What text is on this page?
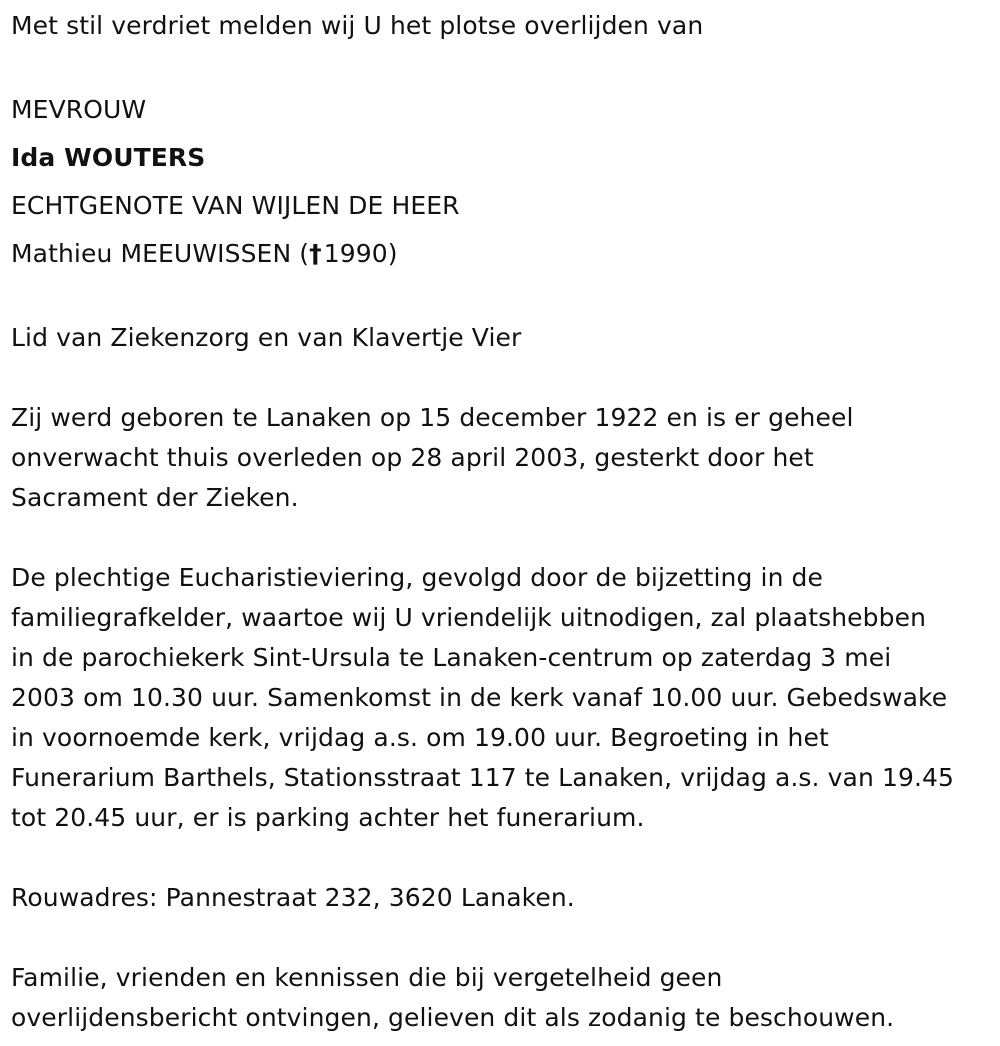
Met stil verdriet melden wij U het plotse overlijden van

MEVROUW

Ida WOUTERS

ECHTGENOTE VAN WIJLEN DE HEER

Mathieu MEEUWISSEN (†1990)

Lid van Ziekenzorg en van Klavertje Vier

Zij werd geboren te Lanaken op 15 december 1922 en is er geheel

onverwacht thuis overleden op 28 april 2003, gesterkt door het

Sacrament der Zieken.

De plechtige Eucharistieviering, gevolgd door de bijzetting in de

familiegrafkelder, waartoe wij U vriendelijk uitnodigen, zal plaatshebben

in de parochiekerk Sint-Ursula te Lanaken-centrum op zaterdag 3 mei

2003 om 10.30 uur. Samenkomst in de kerk vanaf 10.00 uur. Gebedswake

in voornoemde kerk, vrijdag a.s. om 19.00 uur. Begroeting in het

Funerarium Barthels, Stationsstraat 117 te Lanaken, vrijdag a.s. van 19.45

tot 20.45 uur, er is parking achter het funerarium.

Rouwadres: Pannestraat 232, 3620 Lanaken.

Familie, vrienden en kennissen die bij vergetelheid geen

overlijdensbericht ontvingen, gelieven dit als zodanig te beschouwen.
